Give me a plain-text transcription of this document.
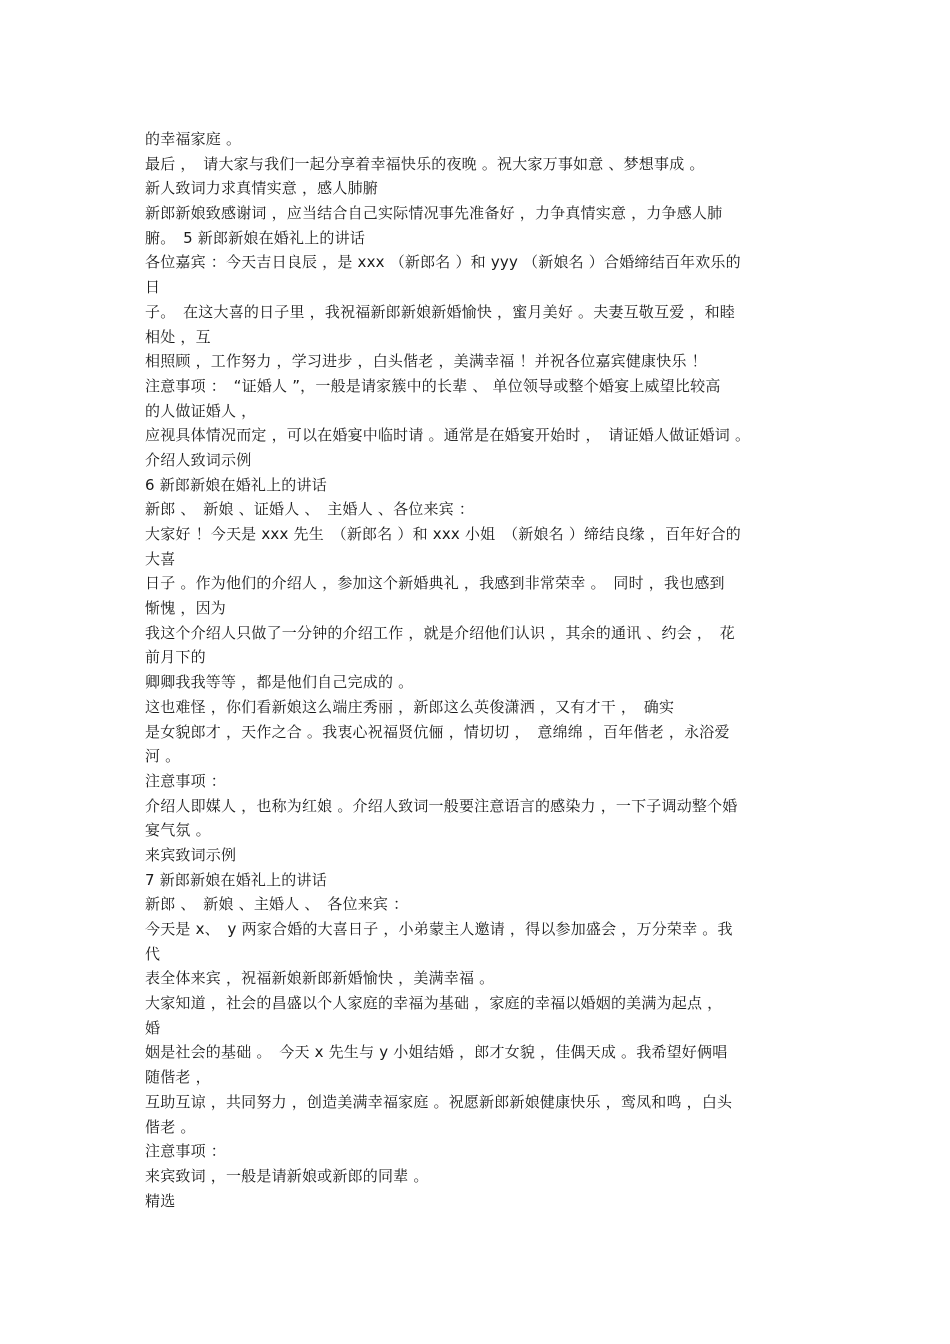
的幸福家庭 。
最后 ，　请大家与我们一起分享着幸福快乐的夜晚 。祝大家万事如意 、梦想事成 。
新人致词力求真情实意 ，感人肺腑
新郎新娘致感谢词 ，应当结合自己实际情况事先准备好 ，力争真情实意 ，力争感人肺
腑。　5 新郎新娘在婚礼上的讲话
各位嘉宾 ：今天吉日良辰 ，是 xxx （新郎名 ）和 yyy （新娘名 ）合婚缔结百年欢乐的
日
子。　在这大喜的日子里 ，我祝福新郎新娘新婚愉快 ，蜜月美好 。夫妻互敬互爱 ，和睦
相处 ，互
相照顾 ，工作努力 ，学习进步 ，白头偕老 ，美满幸福 ！并祝各位嘉宾健康快乐 ！
注意事项 ：　“证婚人 ”，一般是请家簇中的长辈 、 单位领导或整个婚宴上威望比较高
的人做证婚人 ，
应视具体情况而定 ，可以在婚宴中临时请 。通常是在婚宴开始时 ，　请证婚人做证婚词 。
介绍人致词示例
6 新郎新娘在婚礼上的讲话
新郎 、　新娘 、证婚人 、　主婚人 、各位来宾 ：
大家好 ！今天是 xxx 先生　（新郎名 ）和 xxx 小姐　（新娘名 ）缔结良缘 ，百年好合的
大喜
日子 。作为他们的介绍人 ，参加这个新婚典礼 ，我感到非常荣幸 。　同时 ，我也感到
惭愧 ，因为
我这个介绍人只做了一分钟的介绍工作 ，就是介绍他们认识 ，其余的通讯 、约会 ，　花
前月下的
卿卿我我等等 ，都是他们自己完成的 。
这也难怪 ，你们看新娘这么端庄秀丽 ，新郎这么英俊潇洒 ，又有才干 ，　确实
是女貌郎才 ，天作之合 。我衷心祝福贤伉俪 ，情切切 ，　意绵绵 ，百年偕老 ，永浴爱
河 。
注意事项 ：
介绍人即媒人 ，也称为红娘 。介绍人致词一般要注意语言的感染力 ，一下子调动整个婚
宴气氛 。
来宾致词示例
7 新郎新娘在婚礼上的讲话
新郎 、　新娘 、主婚人 、　各位来宾 ：
今天是 x、　y 两家合婚的大喜日子 ，小弟蒙主人邀请 ，得以参加盛会 ，万分荣幸 。我
代
表全体来宾 ，祝福新娘新郎新婚愉快 ，美满幸福 。
大家知道 ，社会的昌盛以个人家庭的幸福为基础 ，家庭的幸福以婚姻的美满为起点 ，
婚
姻是社会的基础 。　今天 x 先生与 y 小姐结婚 ，郎才女貌 ，佳偶天成 。我希望好俩唱
随偕老 ，
互助互谅 ，共同努力 ，创造美满幸福家庭 。祝愿新郎新娘健康快乐 ，鸾凤和鸣 ，白头
偕老 。
注意事项 ：
来宾致词 ，一般是请新娘或新郎的同辈 。
精选
